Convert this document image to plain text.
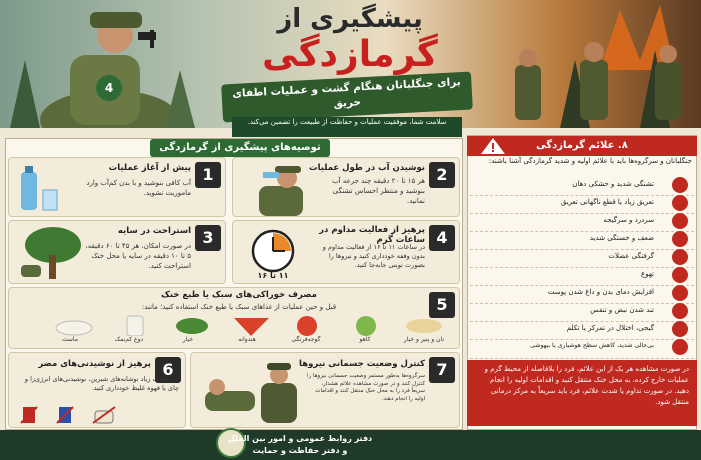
4
پیشگیری از
گرمازدگی
برای جنگلبانان هنگام گشت و عملیات اطفای حریق
سلامت شما، موفقیت عملیات و حفاظت از طبیعت را تضمین می‌کند.
توصیه‌های پیشگیری از گرمازدگی
1
پیش از آغاز عملیات
آب کافی بنوشید و با بدن کم‌آب وارد ماموریت نشوید.
2
نوشیدن آب در طول عملیات
هر ۱۵ تا ۲۰ دقیقه چند جرعه آب بنوشید و منتظر احساس تشنگی نمانید.
3
استراحت در سایه
در صورت امکان، هر ۴۵ تا ۶۰ دقیقه، ۵ تا ۱۰ دقیقه در سایه یا محل خنک استراحت کنید.
4
پرهیز از فعالیت مداوم در ساعات گرم
در ساعات ۱۱ تا ۱۶ از فعالیت مداوم و بدون وقفه خودداری کنید و نیروها را بصورت نوبتی جابه‌جا کنید.
۱۱ تا ۱۶
5
مصرف خوراکی‌های سبک یا طبع خنک
قبل و حین عملیات از غذاهای سبک یا طبع خنک استفاده کنید؛ مانند:
نان و پنیر و خیار
کاهو
گوجه‌فرنگی
هندوانه
خیار
دوغ کم‌نمک
ماست
6
پرهیز از نوشیدنی‌های مضر
از مصرف زیاد نوشابه‌های شیرین، نوشیدنی‌های انرژی‌زا و چای یا قهوه غلیظ خودداری کنید.
7
کنترل وضعیت جسمانی نیروها
سرگروه‌ها به‌طور مستمر وضعیت جسمانی نیروها را کنترل کنند و در صورت مشاهده علائم هشدار، سریعاً فرد را به محل خنک منتقل کنند و اقدامات اولیه را انجام دهند.
۸. علائم گرمازدگی
جنگلبانان و سرگروه‌ها باید با علائم اولیه و شدید گرمازدگی آشنا باشند:
تشنگی شدید و خشکی دهان
تعریق زیاد یا قطع ناگهانی تعریق
سردرد و سرگیجه
ضعف و خستگی شدید
گرفتگی عضلات
تهوع
افزایش دمای بدن و داغ شدن پوست
تند شدن نبض و تنفس
گیجی، اختلال در تمرکز یا تکلم
بی‌حالی شدید، کاهش سطح هوشیاری یا بیهوشی
در صورت مشاهده هر یک از این علائم، فرد را بلافاصله از محیط گرم و عملیات خارج کرده، به محل خنک منتقل کنید و اقدامات اولیه را انجام دهید. در صورت تداوم یا شدت علائم، فرد باید سریعاً به مرکز درمانی منتقل شود.
دفتر روابط عمومی و امور بین الملل
و دفتر حفاظت و حمایت
